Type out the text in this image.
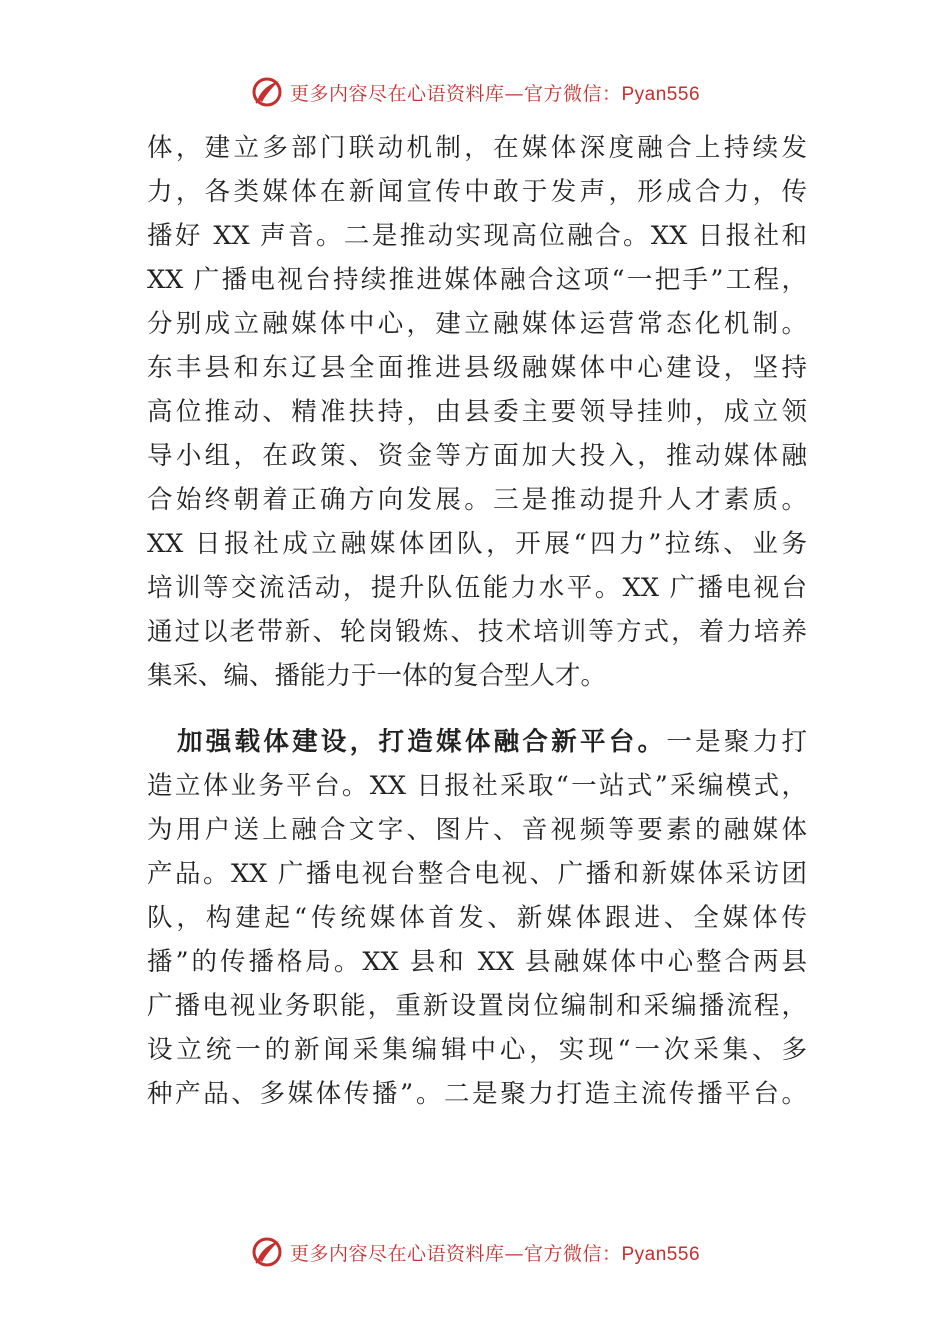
更多内容尽在心语资料库—官方微信：Pyan556
体，建立多部门联动机制，在媒体深度融合上持续发
力，各类媒体在新闻宣传中敢于发声，形成合力，传
播好 XX 声音。二是推动实现高位融合。XX 日报社和
XX 广播电视台持续推进媒体融合这项“一把手”工程，
分别成立融媒体中心，建立融媒体运营常态化机制。
东丰县和东辽县全面推进县级融媒体中心建设，坚持
高位推动、精准扶持，由县委主要领导挂帅，成立领
导小组，在政策、资金等方面加大投入，推动媒体融
合始终朝着正确方向发展。三是推动提升人才素质。
XX 日报社成立融媒体团队，开展“四力”拉练、业务
培训等交流活动，提升队伍能力水平。XX 广播电视台
通过以老带新、轮岗锻炼、技术培训等方式，着力培养
集采、编、播能力于一体的复合型人才。
加强载体建设，打造媒体融合新平台。一是聚力打
造立体业务平台。XX 日报社采取“一站式”采编模式，
为用户送上融合文字、图片、音视频等要素的融媒体
产品。XX 广播电视台整合电视、广播和新媒体采访团
队，构建起“传统媒体首发、新媒体跟进、全媒体传
播”的传播格局。XX 县和 XX 县融媒体中心整合两县
广播电视业务职能，重新设置岗位编制和采编播流程，
设立统一的新闻采集编辑中心，实现“一次采集、多
种产品、多媒体传播”。二是聚力打造主流传播平台。
更多内容尽在心语资料库—官方微信：Pyan556
